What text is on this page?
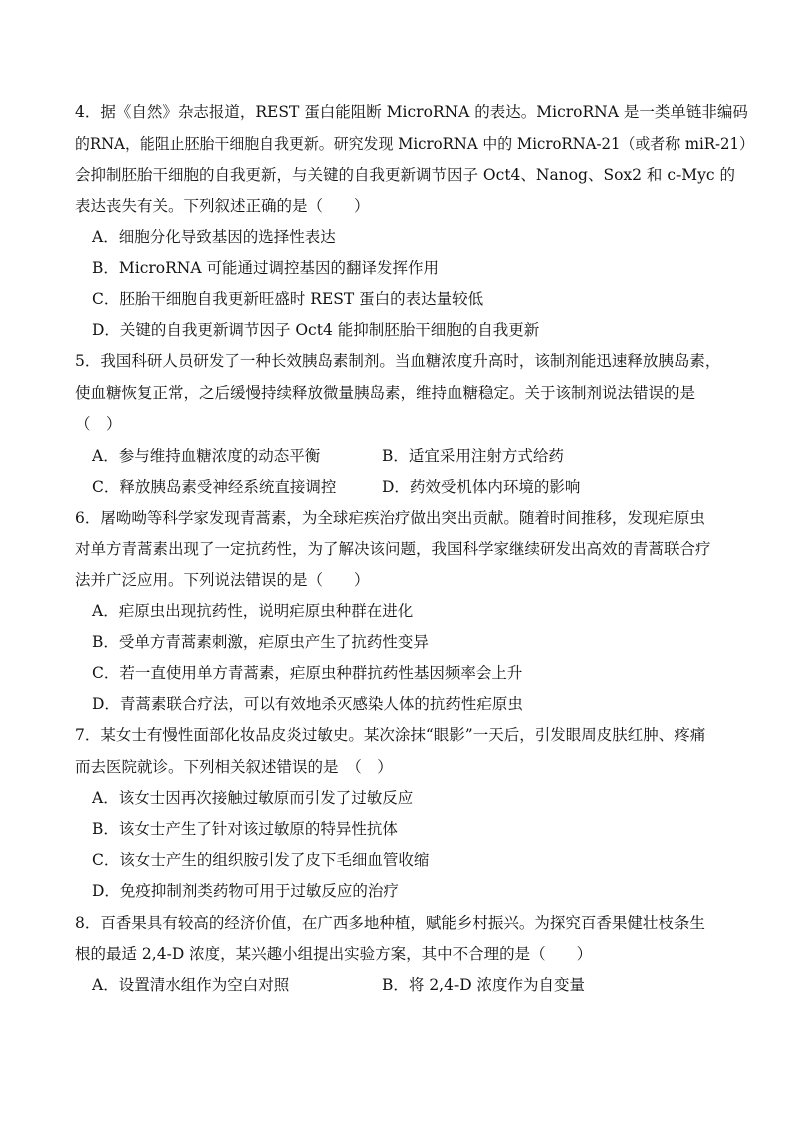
4．据《自然》杂志报道，REST 蛋白能阻断 MicroRNA 的表达。MicroRNA 是一类单链非编码
的RNA，能阻止胚胎干细胞自我更新。研究发现 MicroRNA 中的 MicroRNA-21（或者称 miR-21）
会抑制胚胎干细胞的自我更新，与关键的自我更新调节因子 Oct4、Nanog、Sox2 和 c-Myc 的
表达丧失有关。下列叙述正确的是（　　）
A．细胞分化导致基因的选择性表达
B．MicroRNA 可能通过调控基因的翻译发挥作用
C．胚胎干细胞自我更新旺盛时 REST 蛋白的表达量较低
D．关键的自我更新调节因子 Oct4 能抑制胚胎干细胞的自我更新
5．我国科研人员研发了一种长效胰岛素制剂。当血糖浓度升高时，该制剂能迅速释放胰岛素，
使血糖恢复正常，之后缓慢持续释放微量胰岛素，维持血糖稳定。关于该制剂说法错误的是
（　）
A．参与维持血糖浓度的动态平衡	B．适宜采用注射方式给药
C．释放胰岛素受神经系统直接调控	D．药效受机体内环境的影响
6．屠呦呦等科学家发现青蒿素，为全球疟疾治疗做出突出贡献。随着时间推移，发现疟原虫
对单方青蒿素出现了一定抗药性，为了解决该问题，我国科学家继续研发出高效的青蒿联合疗
法并广泛应用。下列说法错误的是（　　）
A．疟原虫出现抗药性，说明疟原虫种群在进化
B．受单方青蒿素刺激，疟原虫产生了抗药性变异
C．若一直使用单方青蒿素，疟原虫种群抗药性基因频率会上升
D．青蒿素联合疗法，可以有效地杀灭感染人体的抗药性疟原虫
7．某女士有慢性面部化妆品皮炎过敏史。某次涂抹“眼影”一天后，引发眼周皮肤红肿、疼痛
而去医院就诊。下列相关叙述错误的是　（　）
A．该女士因再次接触过敏原而引发了过敏反应
B．该女士产生了针对该过敏原的特异性抗体
C．该女士产生的组织胺引发了皮下毛细血管收缩
D．免疫抑制剂类药物可用于过敏反应的治疗
8．百香果具有较高的经济价值，在广西多地种植，赋能乡村振兴。为探究百香果健壮枝条生
根的最适 2,4-D 浓度，某兴趣小组提出实验方案，其中不合理的是（　　）
A．设置清水组作为空白对照	B．将 2,4-D 浓度作为自变量
